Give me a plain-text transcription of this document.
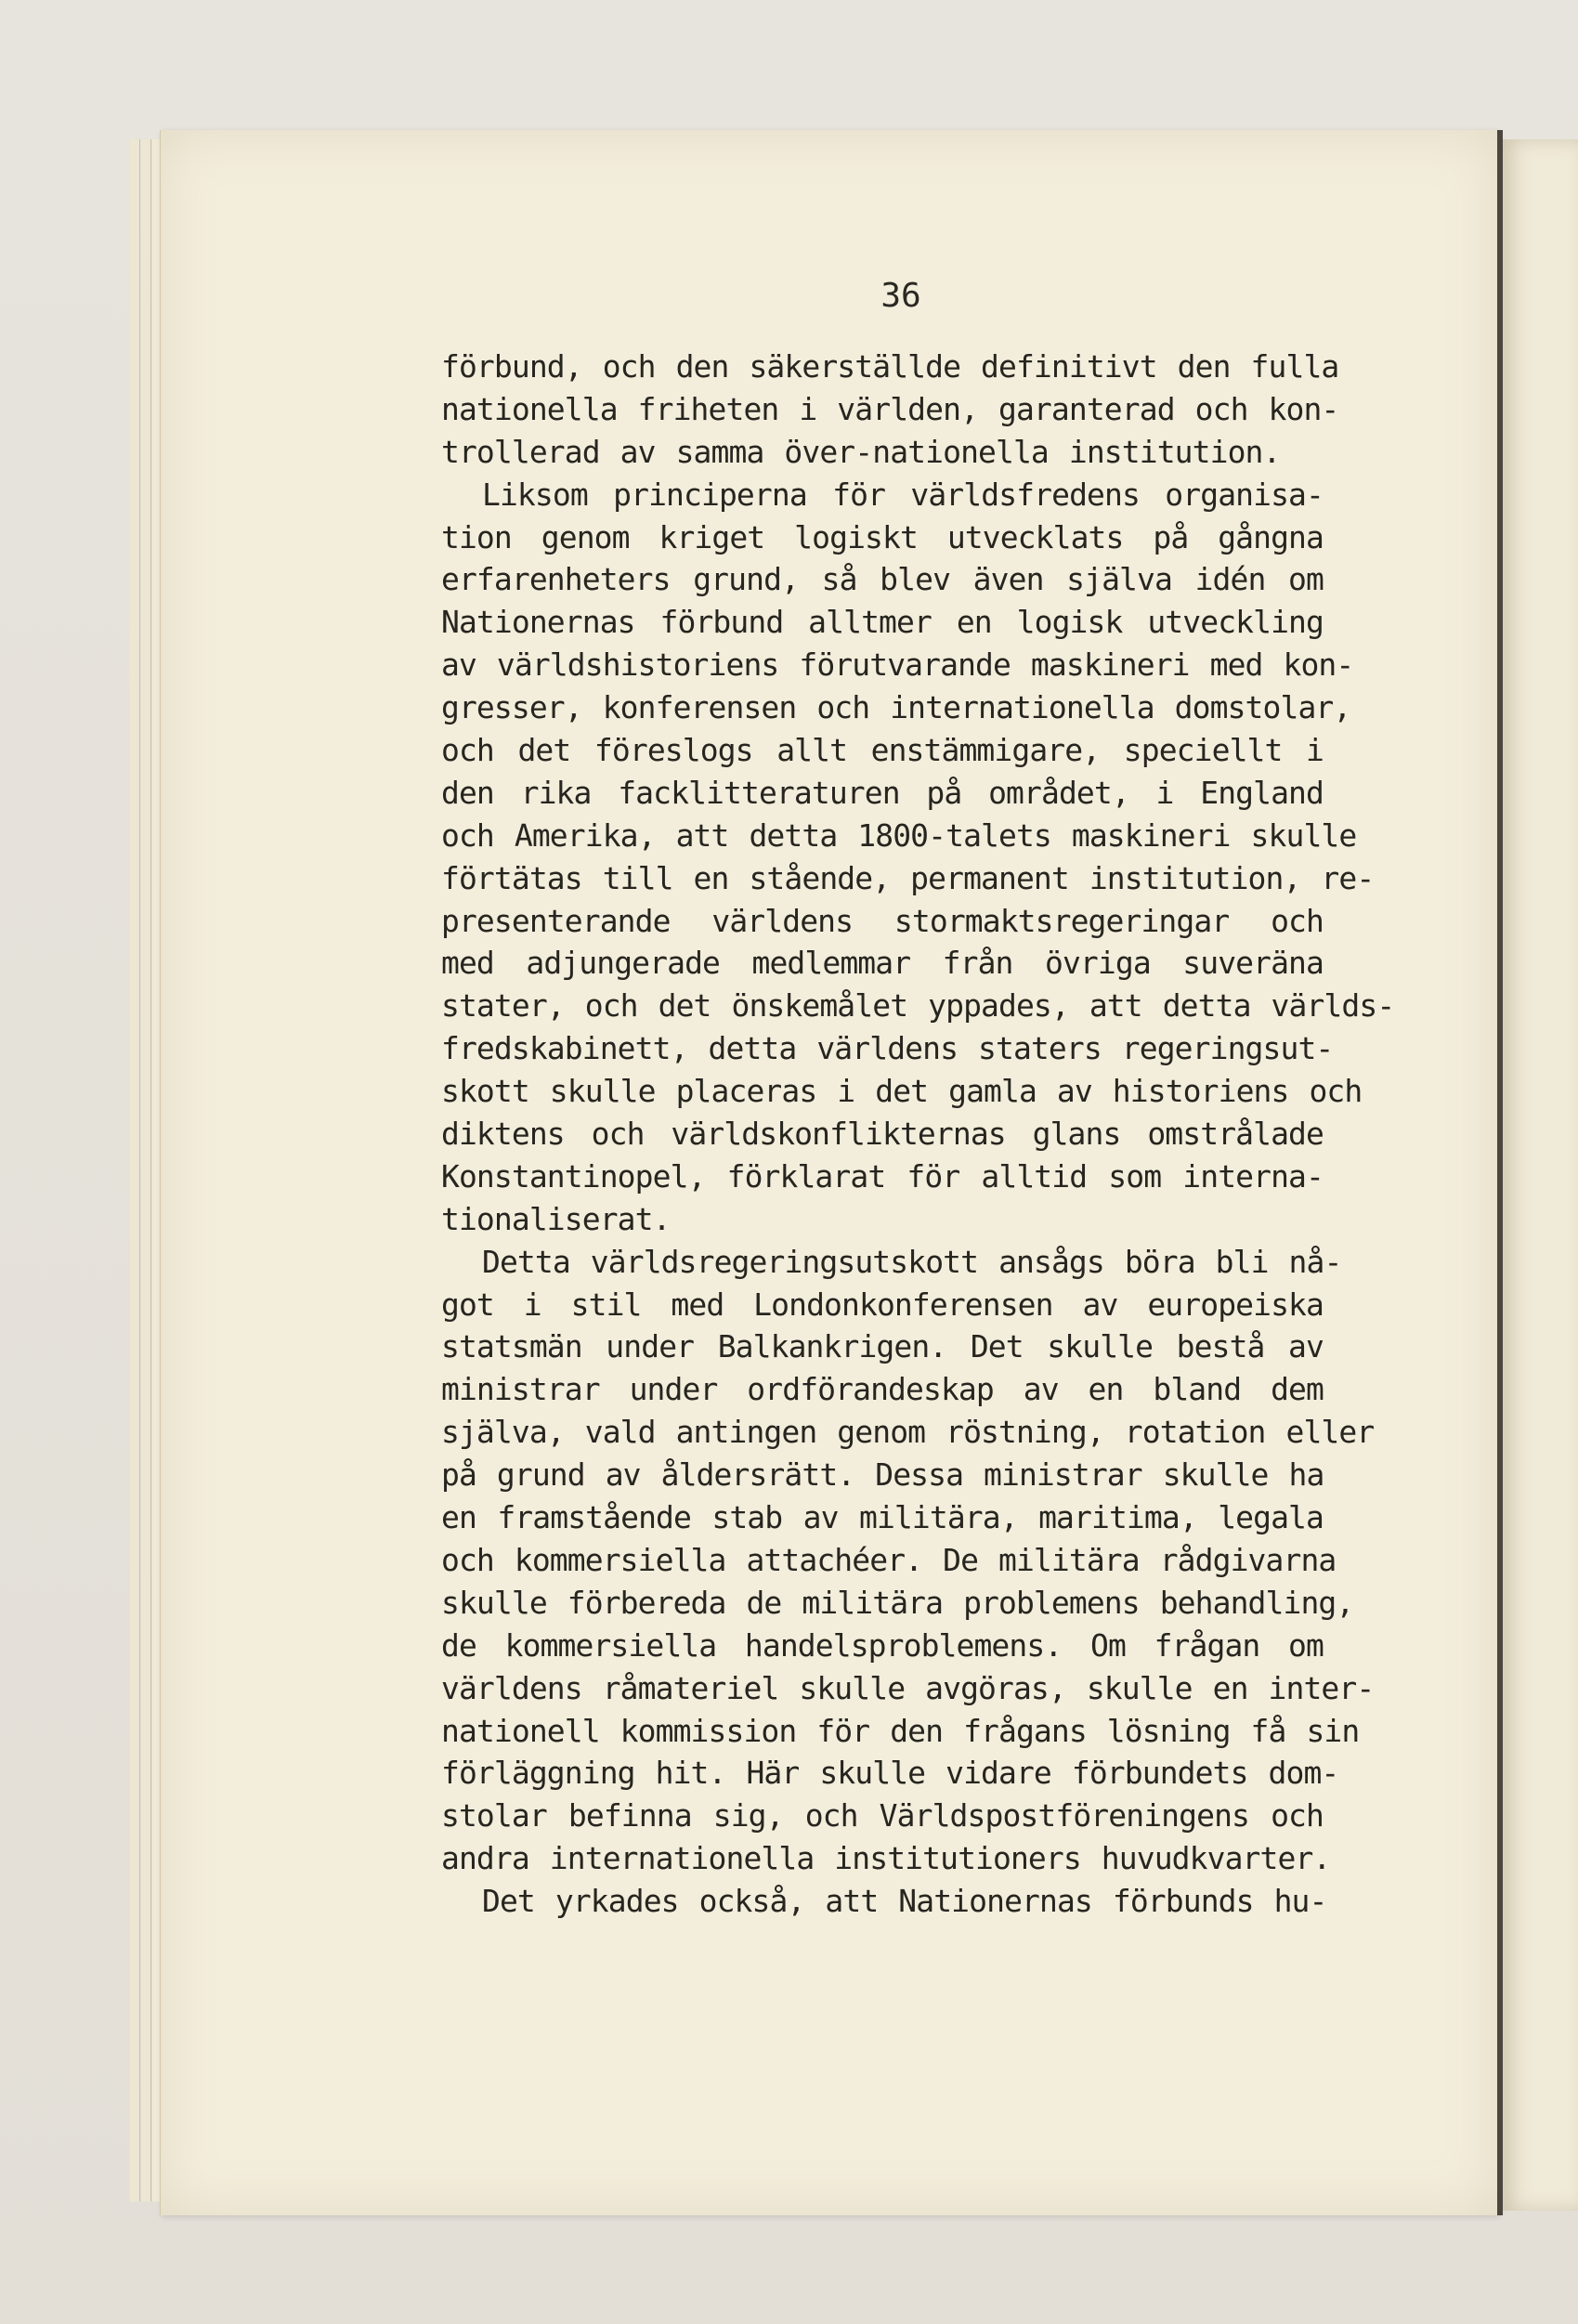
36

förbund, och den säkerställde definitivt den fulla
nationella friheten i världen, garanterad och kon-
trollerad av samma över-nationella institution.
Liksom principerna för världsfredens organisa-
tion genom kriget logiskt utvecklats på gångna
erfarenheters grund, så blev även själva idén om
Nationernas förbund alltmer en logisk utveckling
av världshistoriens förutvarande maskineri med kon-
gresser, konferensen och internationella domstolar,
och det föreslogs allt enstämmigare, speciellt i
den rika facklitteraturen på området, i England
och Amerika, att detta 1800-talets maskineri skulle
förtätas till en stående, permanent institution, re-
presenterande världens stormaktsregeringar och
med adjungerade medlemmar från övriga suveräna
stater, och det önskemålet yppades, att detta världs-
fredskabinett, detta världens staters regeringsut-
skott skulle placeras i det gamla av historiens och
diktens och världskonflikternas glans omstrålade
Konstantinopel, förklarat för alltid som interna-
tionaliserat.
Detta världsregeringsutskott ansågs böra bli nå-
got i stil med Londonkonferensen av europeiska
statsmän under Balkankrigen. Det skulle bestå av
ministrar under ordförandeskap av en bland dem
själva, vald antingen genom röstning, rotation eller
på grund av åldersrätt. Dessa ministrar skulle ha
en framstående stab av militära, maritima, legala
och kommersiella attachéer. De militära rådgivarna
skulle förbereda de militära problemens behandling,
de kommersiella handelsproblemens. Om frågan om
världens råmateriel skulle avgöras, skulle en inter-
nationell kommission för den frågans lösning få sin
förläggning hit. Här skulle vidare förbundets dom-
stolar befinna sig, och Världspostföreningens och
andra internationella institutioners huvudkvarter.
Det yrkades också, att Nationernas förbunds hu-
